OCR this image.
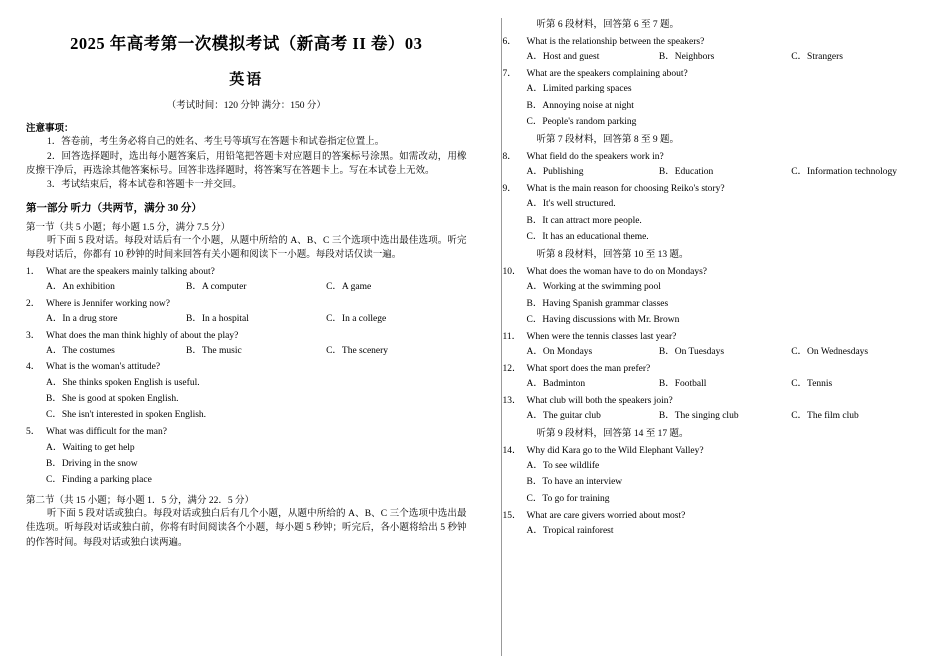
2025 年高考第一次模拟考试（新高考 II 卷）03
英语
（考试时间：120 分钟 满分：150 分）
注意事项：
1．答卷前，考生务必将自己的姓名、考生号等填写在答题卡和试卷指定位置上。
2．回答选择题时，选出每小题答案后，用铅笔把答题卡对应题目的答案标号涂黑。如需改动，用橡皮擦干净后，再选涂其他答案标号。回答非选择题时，将答案写在答题卡上。写在本试卷上无效。
3．考试结束后，将本试卷和答题卡一并交回。
第一部分 听力（共两节，满分 30 分）
第一节（共 5 小题；每小题 1.5 分，满分 7.5 分）
听下面 5 段对话。每段对话后有一个小题，从题中所给的 A、B、C 三个选项中选出最佳选项。听完每段对话后，你都有 10 秒钟的时间来回答有关小题和阅读下一小题。每段对话仅读一遍。
1． What are the speakers mainly talking about?
A．An exhibition	B．A computer	C．A game
2． Where is Jennifer working now?
A．In a drug store	B．In a hospital	C．In a college
3． What does the man think highly of about the play?
A．The costumes	B．The music	C．The scenery
4． What is the woman's attitude?
A．She thinks spoken English is useful.
B．She is good at spoken English.
C．She isn't interested in spoken English.
5． What was difficult for the man?
A．Waiting to get help
B．Driving in the snow
C．Finding a parking place
第二节（共 15 小题；每小题 1．5 分，满分 22．5 分）
听下面 5 段对话或独白。每段对话或独白后有几个小题，从题中所给的 A、B、C 三个选项中选出最佳选项。听每段对话或独白前，你将有时间阅读各个小题，每小题 5 秒钟；听完后，各小题将给出 5 秒钟的作答时间。每段对话或独白读两遍。
听第 6 段材料，回答第 6 至 7 题。
6．	What is the relationship between the speakers?
A．Host and guest	B．Neighbors	C．Strangers
7．	What are the speakers complaining about?
A．Limited parking spaces
B．Annoying noise at night
C．People's random parking
听第 7 段材料，回答第 8 至 9 题。
8．	What field do the speakers work in?
A．Publishing	B．Education	C．Information technology
9．	What is the main reason for choosing Reiko's story?
A．It's well structured.
B．It can attract more people.
C．It has an educational theme.
听第 8 段材料，回答第 10 至 13 题。
10． What does the woman have to do on Mondays?
A．Working at the swimming pool
B．Having Spanish grammar classes
C．Having discussions with Mr. Brown
11． When were the tennis classes last year?
A．On Mondays	B．On Tuesdays	C．On Wednesdays
12． What sport does the man prefer?
A．Badminton	B．Football	C．Tennis
13． What club will both the speakers join?
A．The guitar club	B．The singing club	C．The film club
听第 9 段材料，回答第 14 至 17 题。
14． Why did Kara go to the Wild Elephant Valley?
A．To see wildlife
B．To have an interview
C．To go for training
15． What are care givers worried about most?
A．Tropical rainforest
